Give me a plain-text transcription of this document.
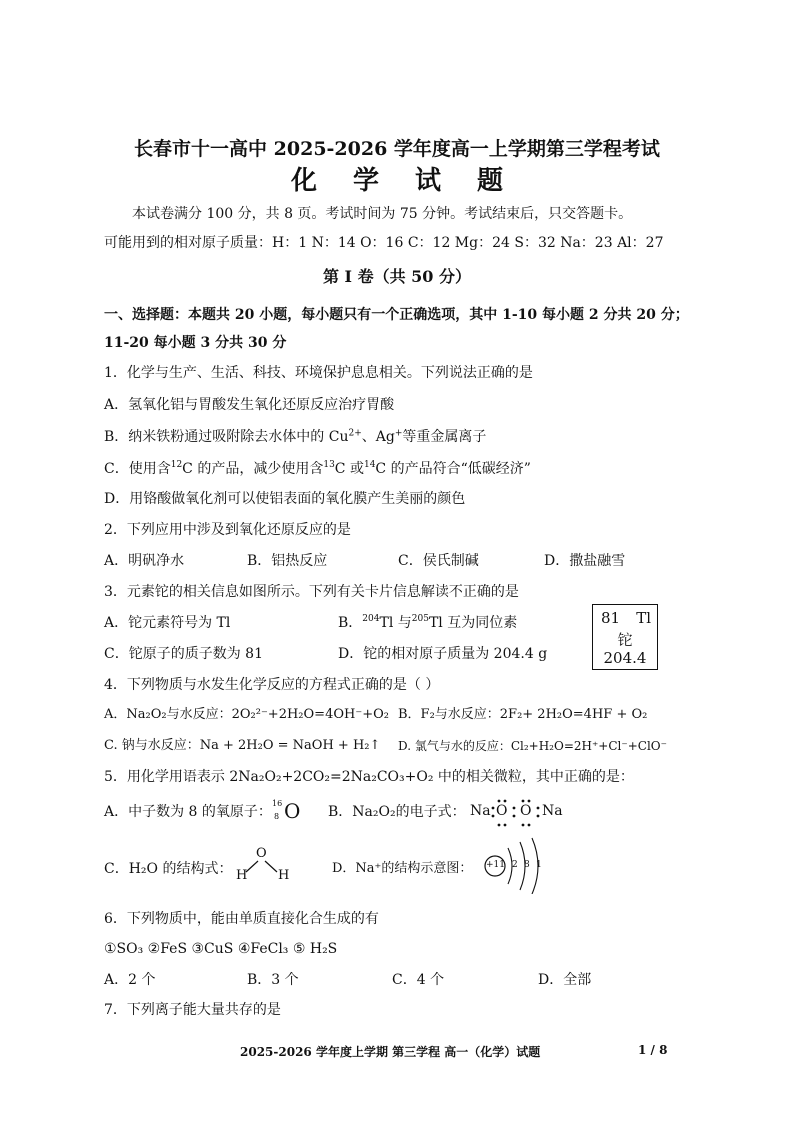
长春市十一高中 2025-2026 学年度高一上学期第三学程考试
化学试题
本试卷满分 100 分，共 8 页。考试时间为 75 分钟。考试结束后，只交答题卡。
可能用到的相对原子质量：H：1 N：14 O：16 C：12 Mg：24 S：32 Na：23 Al：27
第 I 卷（共 50 分）
一、选择题：本题共 20 小题，每小题只有一个正确选项，其中 1-10 每小题 2 分共 20 分；
11-20 每小题 3 分共 30 分
1．化学与生产、生活、科技、环境保护息息相关。下列说法正确的是
A．氢氧化铝与胃酸发生氧化还原反应治疗胃酸
B．纳米铁粉通过吸附除去水体中的 $Cu^{2+}$、Ag+等重金属离子
C．使用含$^{12}$C 的产品，减少使用含$^{13}$C 或$^{14}$C 的产品符合“低碳经济”
D．用铬酸做氧化剂可以使铝表面的氧化膜产生美丽的颜色
2．下列应用中涉及到氧化还原反应的是
A．明矾净水	B．铝热反应	C．侯氏制碱	D．撒盐融雪
3．元素铊的相关信息如图所示。下列有关卡片信息解读不正确的是
A．铊元素符号为 Tl	B．$^{204}$Tl 与$^{205}$Tl 互为同位素
C．铊原子的质子数为 81	D．铊的相对原子质量为 204.4 g
81 Tl
铊
204.4
4．下列物质与水发生化学反应的方程式正确的是（ ）
A．Na₂O₂与水反应：2O₂²⁻+2H₂O=4OH⁻+O₂ B．F₂与水反应：2F₂+ 2H₂O=4HF + O₂
C. 钠与水反应：Na + 2H₂O = NaOH + H₂↑ D. 氯气与水的反应：Cl₂+H₂O=2H⁺+Cl⁻+ClO⁻
5．用化学用语表示 2Na₂O₂+2CO₂=2Na₂CO₃+O₂ 中的相关微粒，其中正确的是：
A．中子数为 8 的氧原子：
16
8 O B．Na₂O₂的电子式： Na O O Na
C．H₂O 的结构式：
O
H H	D．Na⁺的结构示意图： +11 2 8 1
6．下列物质中，能由单质直接化合生成的有
①SO₃ ②FeS ③CuS ④FeCl₃ ⑤ H₂S
A．2 个	B．3 个	C．4 个	D．全部
7．下列离子能大量共存的是
2025-2026 学年度上学期 第三学程 高一（化学）试题	1 / 8
